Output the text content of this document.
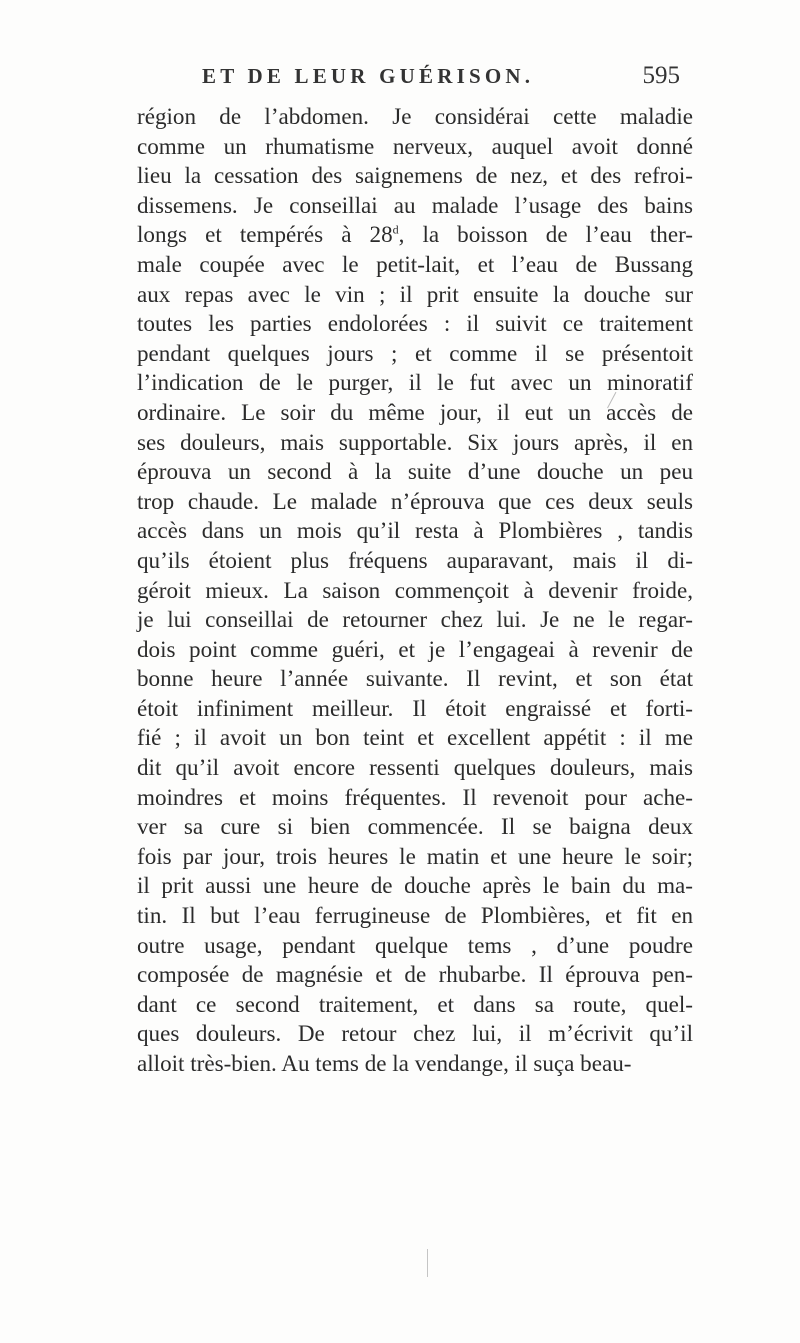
ET DE LEUR GUÉRISON.	595
région de l’abdomen. Je considérai cette maladie
comme un rhumatisme nerveux, auquel avoit donné
lieu la cessation des saignemens de nez, et des refroi-
dissemens. Je conseillai au malade l’usage des bains
longs et tempérés à 28$^d$, la boisson de l’eau ther-
male coupée avec le petit-lait, et l’eau de Bussang
aux repas avec le vin ; il prit ensuite la douche sur
toutes les parties endolorées : il suivit ce traitement
pendant quelques jours ; et comme il se présentoit
l’indication de le purger, il le fut avec un minoratif
ordinaire. Le soir du même jour, il eut un accès de
ses douleurs, mais supportable. Six jours après, il en
éprouva un second à la suite d’une douche un peu
trop chaude. Le malade n’éprouva que ces deux seuls
accès dans un mois qu’il resta à Plombières , tandis
qu’ils étoient plus fréquens auparavant, mais il di-
géroit mieux. La saison commençoit à devenir froide,
je lui conseillai de retourner chez lui. Je ne le regar-
dois point comme guéri, et je l’engageai à revenir de
bonne heure l’année suivante. Il revint, et son état
étoit infiniment meilleur. Il étoit engraissé et forti-
fié ; il avoit un bon teint et excellent appétit : il me
dit qu’il avoit encore ressenti quelques douleurs, mais
moindres et moins fréquentes. Il revenoit pour ache-
ver sa cure si bien commencée. Il se baigna deux
fois par jour, trois heures le matin et une heure le soir;
il prit aussi une heure de douche après le bain du ma-
tin. Il but l’eau ferrugineuse de Plombières, et fit en
outre usage, pendant quelque tems , d’une poudre
composée de magnésie et de rhubarbe. Il éprouva pen-
dant ce second traitement, et dans sa route, quel-
ques douleurs. De retour chez lui, il m’écrivit qu’il
alloit très-bien. Au tems de la vendange, il suça beau-
